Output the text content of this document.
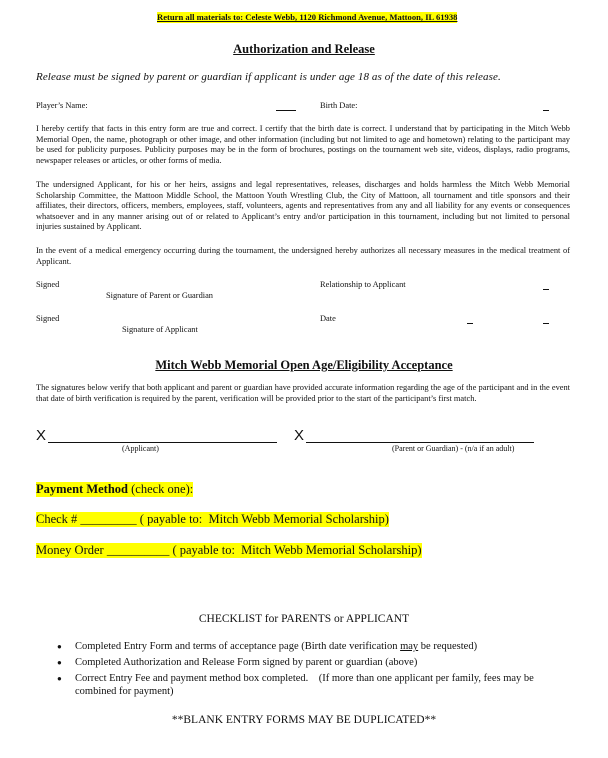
Return all materials to: Celeste Webb, 1120 Richmond Avenue, Mattoon, IL 61938
Authorization and Release
Release must be signed by parent or guardian if applicant is under age 18 as of the date of this release.
Player’s Name:	Birth Date:
I hereby certify that facts in this entry form are true and correct. I certify that the birth date is correct. I understand that by participating in the Mitch Webb Memorial Open, the name, photograph or other image, and other information (including but not limited to age and hometown) relating to the participant may be used for publicity purposes. Publicity purposes may be in the form of brochures, postings on the tournament web site, videos, displays, radio programs, newspaper releases or articles, or other forms of media.
The undersigned Applicant, for his or her heirs, assigns and legal representatives, releases, discharges and holds harmless the Mitch Webb Memorial Scholarship Committee, the Mattoon Middle School, the Mattoon Youth Wrestling Club, the City of Mattoon, all tournament and title sponsors and their affiliates, their directors, officers, members, employees, staff, volunteers, agents and representatives from any and all liability for any events or consequences whatsoever and in any manner arising out of or related to Applicant’s entry and/or participation in this tournament, including but not limited to personal injuries sustained by Applicant.
In the event of a medical emergency occurring during the tournament, the undersigned hereby authorizes all necessary measures in the medical treatment of Applicant.
Signed
Signature of Parent or Guardian
Relationship to Applicant
Signed
Signature of Applicant
Date
Mitch Webb Memorial Open Age/Eligibility Acceptance
The signatures below verify that both applicant and parent or guardian have provided accurate information regarding the age of the participant and in the event that date of birth verification is required by the parent, verification will be provided prior to the start of the participant’s first match.
X
(Applicant)
X
(Parent or Guardian) - (n/a if an adult)
Payment Method (check one):
Check # _________ ( payable to:  Mitch Webb Memorial Scholarship)
Money Order __________ ( payable to:  Mitch Webb Memorial Scholarship)
CHECKLIST for PARENTS or APPLICANT
● Completed Entry Form and terms of acceptance page (Birth date verification may be requested)
● Completed Authorization and Release Form signed by parent or guardian (above)
● Correct Entry Fee and payment method box completed.    (If more than one applicant per family, fees may be combined for payment)
**BLANK ENTRY FORMS MAY BE DUPLICATED**
